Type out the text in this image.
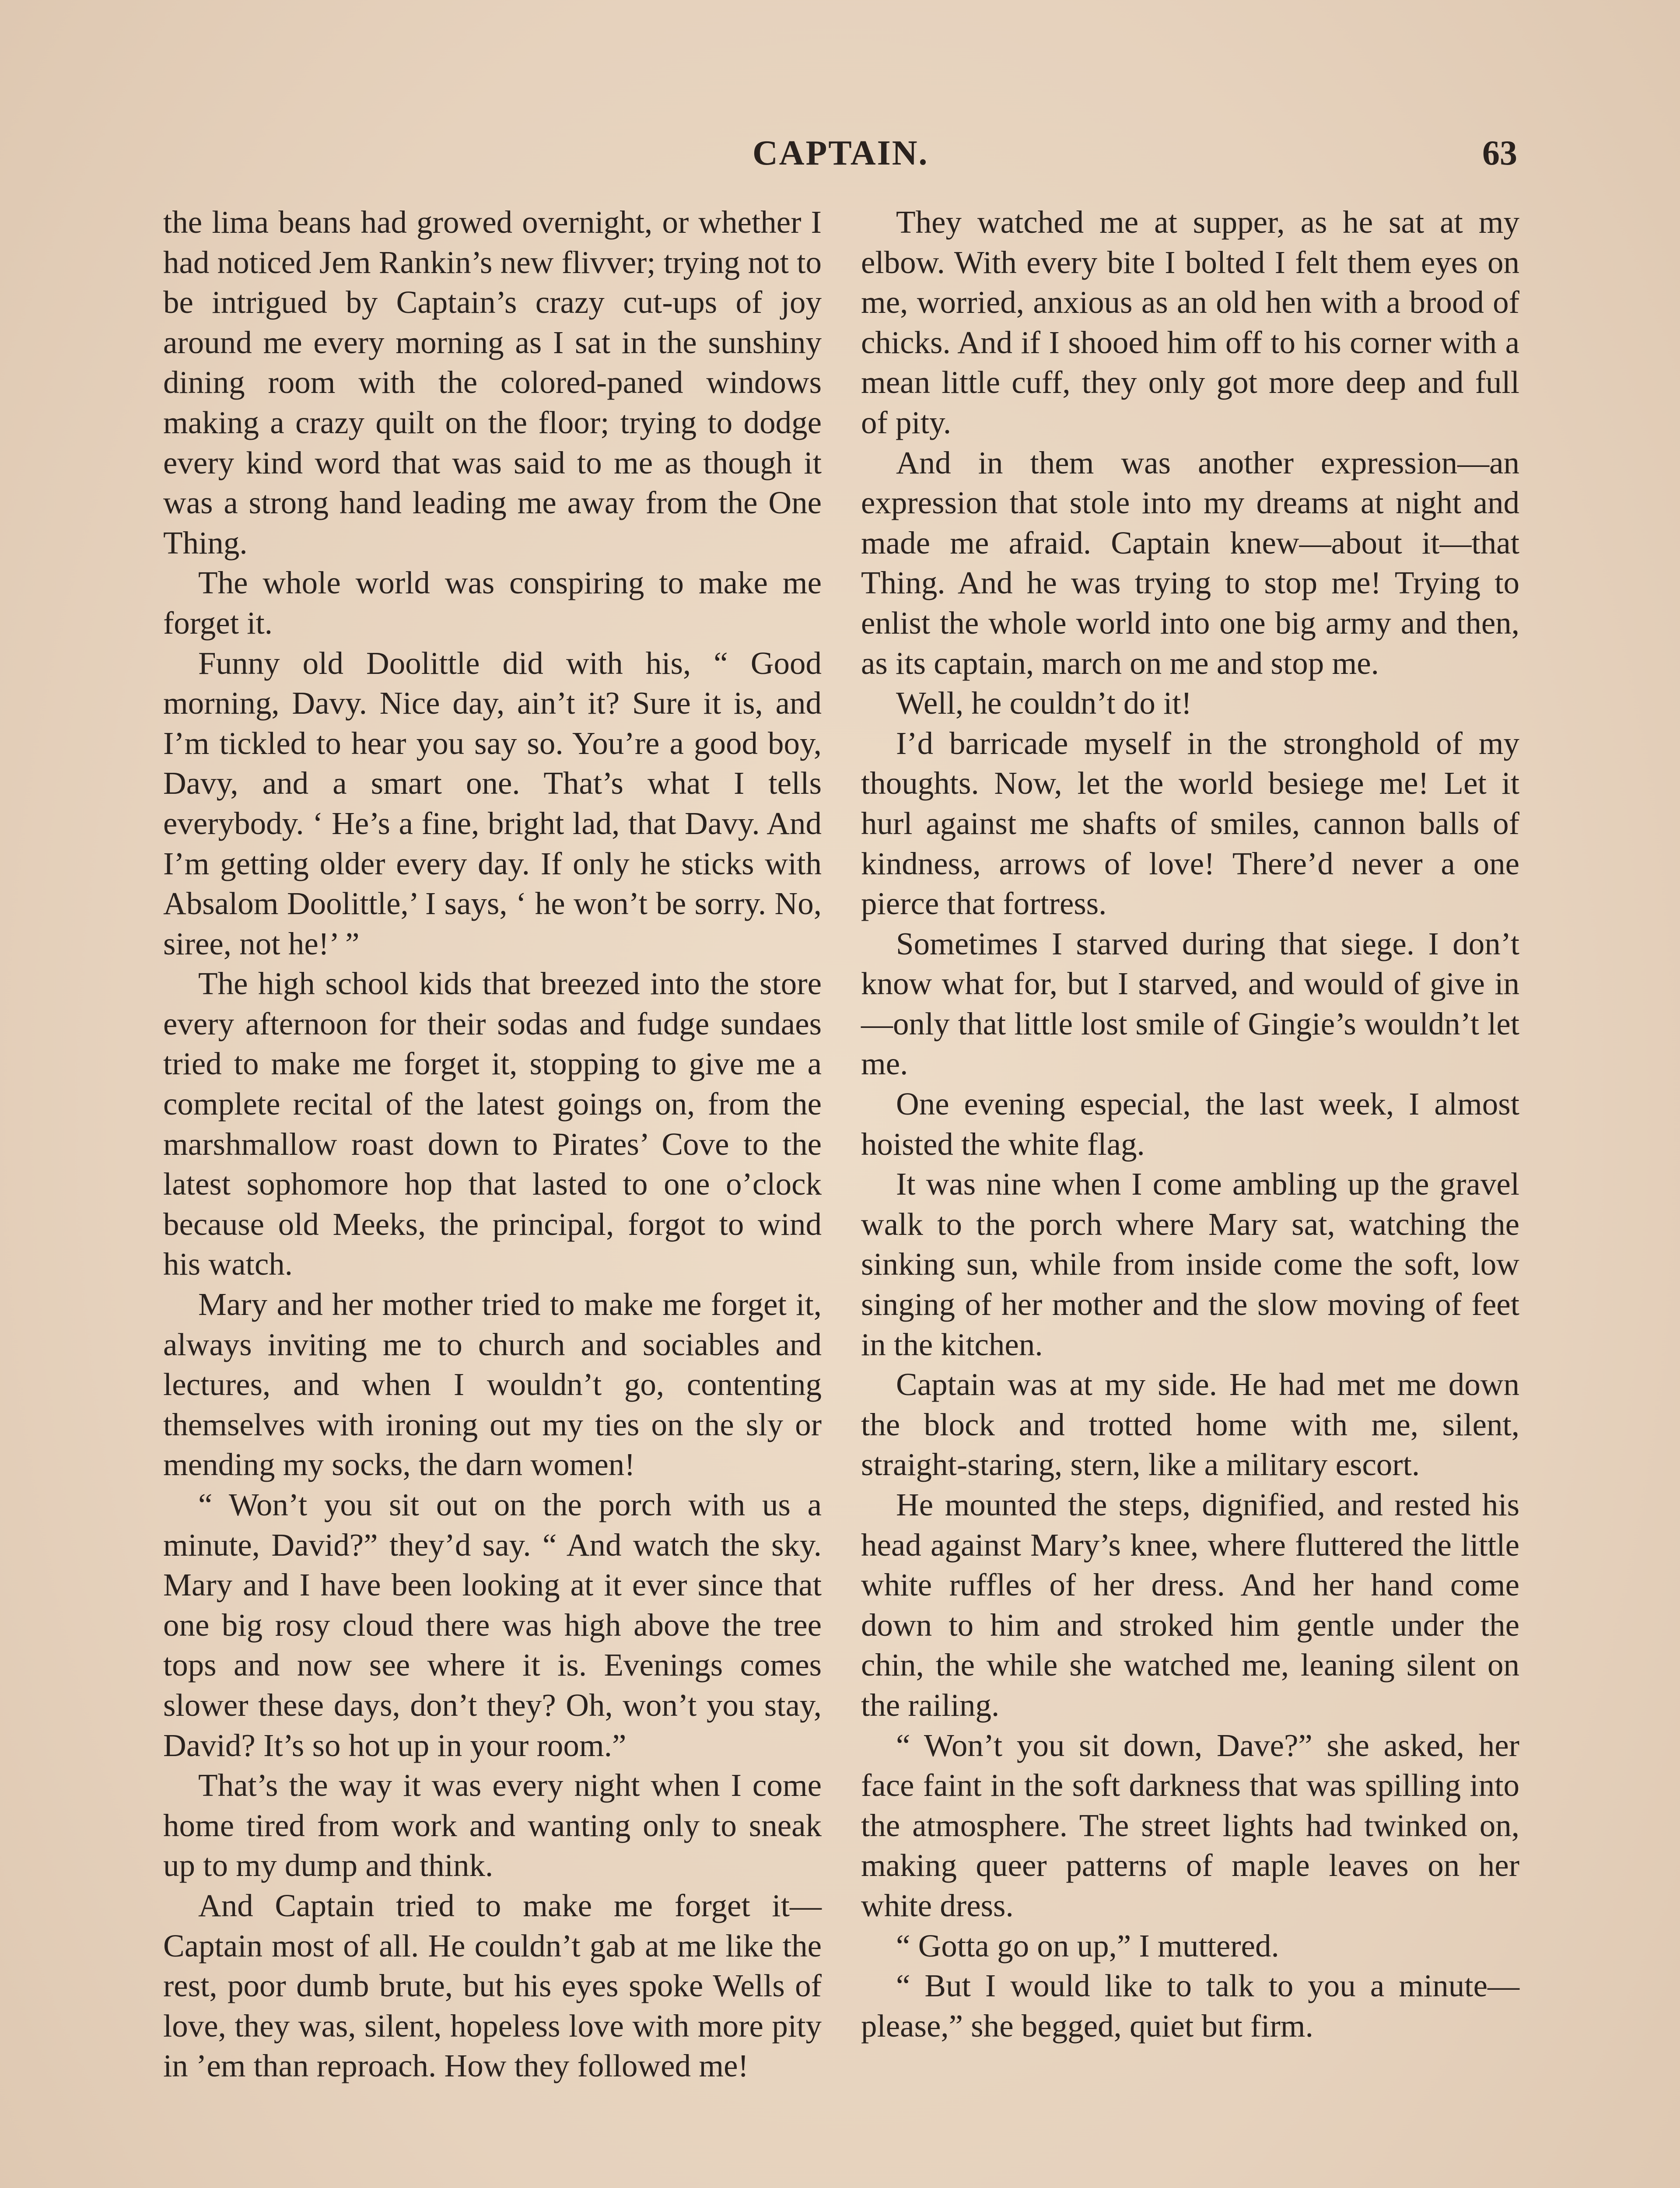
CAPTAIN.	63

the lima beans had growed overnight, or whether I had noticed Jem Rankin’s new flivver; trying not to be intrigued by Captain’s crazy cut-ups of joy around me every morning as I sat in the sunshiny dining room with the colored-paned windows making a crazy quilt on the floor; trying to dodge every kind word that was said to me as though it was a strong hand leading me away from the One Thing.

The whole world was conspiring to make me forget it.

Funny old Doolittle did with his, “ Good morning, Davy. Nice day, ain’t it? Sure it is, and I’m tickled to hear you say so. You’re a good boy, Davy, and a smart one. That’s what I tells everybody. ‘ He’s a fine, bright lad, that Davy. And I’m getting older every day. If only he sticks with Absalom Doolittle,’ I says, ‘ he won’t be sorry. No, siree, not he!’ ”

The high school kids that breezed into the store every afternoon for their sodas and fudge sundaes tried to make me forget it, stopping to give me a complete recital of the latest goings on, from the marshmallow roast down to Pirates’ Cove to the latest sophomore hop that lasted to one o’clock because old Meeks, the principal, forgot to wind his watch.

Mary and her mother tried to make me forget it, always inviting me to church and sociables and lectures, and when I wouldn’t go, contenting themselves with ironing out my ties on the sly or mending my socks, the darn women!

“ Won’t you sit out on the porch with us a minute, David?” they’d say. “ And watch the sky. Mary and I have been looking at it ever since that one big rosy cloud there was high above the tree tops and now see where it is. Evenings comes slower these days, don’t they? Oh, won’t you stay, David? It’s so hot up in your room.”

That’s the way it was every night when I come home tired from work and wanting only to sneak up to my dump and think.

And Captain tried to make me forget it—Captain most of all. He couldn’t gab at me like the rest, poor dumb brute, but his eyes spoke Wells of love, they was, silent, hopeless love with more pity in ’em than reproach. How they followed me!

They watched me at supper, as he sat at my elbow. With every bite I bolted I felt them eyes on me, worried, anxious as an old hen with a brood of chicks. And if I shooed him off to his corner with a mean little cuff, they only got more deep and full of pity.

And in them was another expression—an expression that stole into my dreams at night and made me afraid. Captain knew—about it—that Thing. And he was trying to stop me! Trying to enlist the whole world into one big army and then, as its captain, march on me and stop me.

Well, he couldn’t do it!

I’d barricade myself in the stronghold of my thoughts. Now, let the world besiege me! Let it hurl against me shafts of smiles, cannon balls of kindness, arrows of love! There’d never a one pierce that fortress.

Sometimes I starved during that siege. I don’t know what for, but I starved, and would of give in—only that little lost smile of Gingie’s wouldn’t let me.

One evening especial, the last week, I almost hoisted the white flag.

It was nine when I come ambling up the gravel walk to the porch where Mary sat, watching the sinking sun, while from inside come the soft, low singing of her mother and the slow moving of feet in the kitchen.

Captain was at my side. He had met me down the block and trotted home with me, silent, straight-staring, stern, like a military escort.

He mounted the steps, dignified, and rested his head against Mary’s knee, where fluttered the little white ruffles of her dress. And her hand come down to him and stroked him gentle under the chin, the while she watched me, leaning silent on the railing.

“ Won’t you sit down, Dave?” she asked, her face faint in the soft darkness that was spilling into the atmosphere. The street lights had twinked on, making queer patterns of maple leaves on her white dress.

“ Gotta go on up,” I muttered.

“ But I would like to talk to you a minute—please,” she begged, quiet but firm.
